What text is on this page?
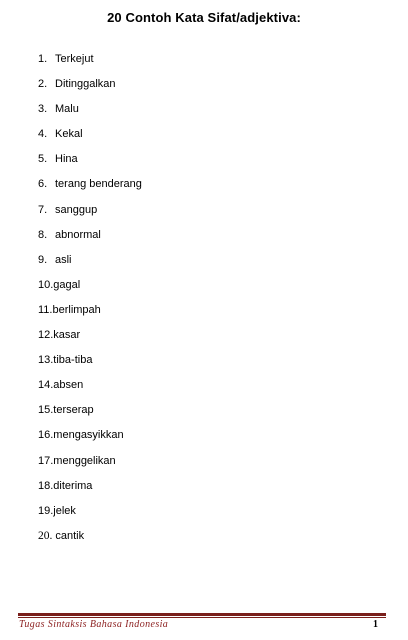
20 Contoh Kata Sifat/adjektiva:
1. Terkejut
2. Ditinggalkan
3. Malu
4. Kekal
5. Hina
6. terang benderang
7. sanggup
8. abnormal
9. asli
10.gagal
11.berlimpah
12.kasar
13.tiba-tiba
14.absen
15.terserap
16.mengasyikkan
17.menggelikan
18.diterima
19.jelek
20. cantik
Tugas Sintaksis Bahasa Indonesia	1
